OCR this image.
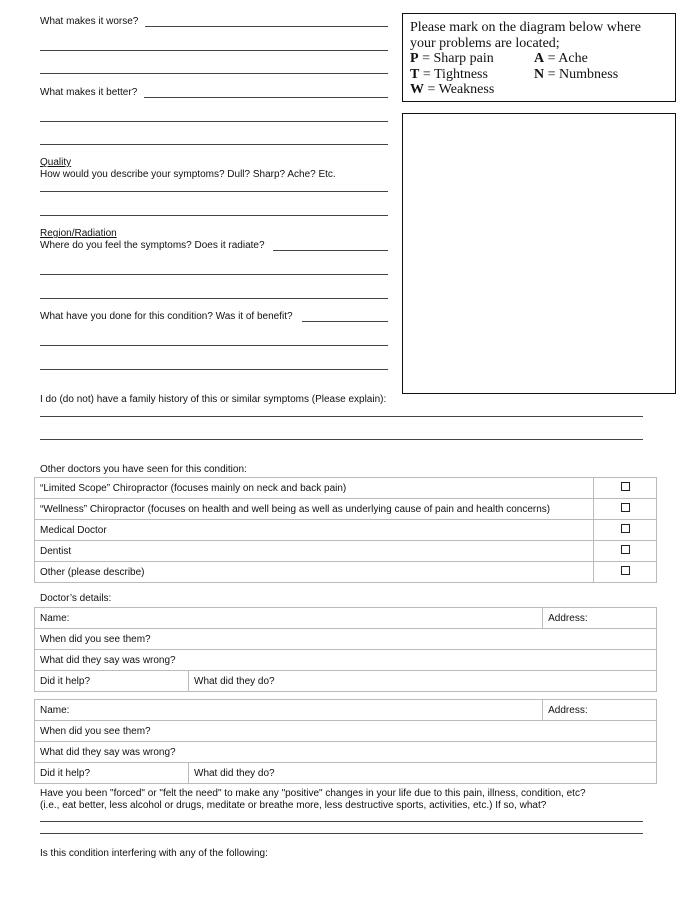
What makes it worse?
What makes it better?
Quality
How would you describe your symptoms? Dull? Sharp? Ache? Etc.
Region/Radiation
Where do you feel the symptoms? Does it radiate?
What have you done for this condition? Was it of benefit?
Please mark on the diagram below where your problems are located;
P = Sharp pain	A = Ache
T = Tightness	N = Numbness
W = Weakness
I do (do not) have a family history of this or similar symptoms (Please explain):
Other doctors you have seen for this condition:
“Limited Scope” Chiropractor (focuses mainly on neck and back pain)	
“Wellness” Chiropractor (focuses on health and well being as well as underlying cause of pain and health concerns)	
Medical Doctor	
Dentist	
Other (please describe)	
Doctor’s details:
Name:		Address:
When did you see them?		
What did they say was wrong?		
Did it help?	What did they do?	
Name:		Address:
When did you see them?		
What did they say was wrong?		
Did it help?	What did they do?	
Have you been "forced" or "felt the need" to make any "positive" changes in your life due to this pain, illness, condition, etc?
(i.e., eat better, less alcohol or drugs, meditate or breathe more, less destructive sports, activities, etc.) If so, what?
Is this condition interfering with any of the following:
